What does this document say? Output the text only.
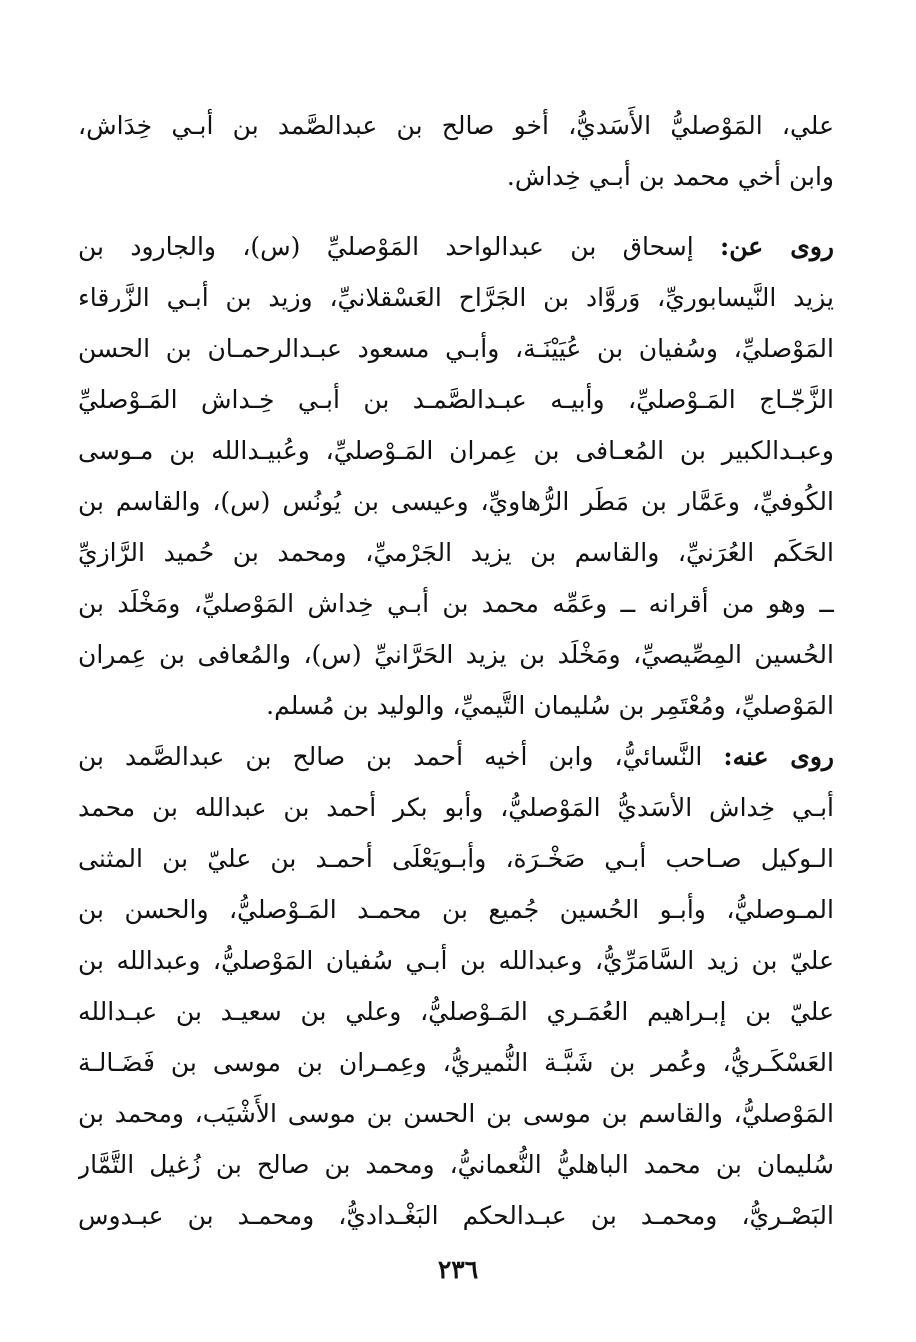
علي، المَوْصليُّ الأَسَديُّ، أخو صالح بن عبدالصَّمد بن أبـي خِدَاش،
وابن أخي محمد بن أبـي خِداش.
روى عن: إسحاق بن عبدالواحد المَوْصليِّ (س)، والجارود بن
يزيد النَّيسابوريِّ، وَروَّاد بن الجَرَّاح العَسْقلانيِّ، وزيد بن أبـي الزَّرقاء
المَوْصليِّ، وسُفيان بن عُيَيْنَـة، وأبـي مسعود عبـدالرحمـان بن الحسن
الزَّجّـاج المَـوْصليِّ، وأبيـه عبـدالصَّمـد بن أبـي خِـداش المَـوْصليِّ
وعبـدالكبير بن المُعـافى بن عِمران المَـوْصليِّ، وعُبيـدالله بن مـوسى
الكُوفيِّ، وعَمَّار بن مَطَر الرُّهاويِّ، وعيسى بن يُونُس (س)، والقاسم بن
الحَكَم العُرَنيِّ، والقاسم بن يزيد الجَرْميِّ، ومحمد بن حُميد الرَّازيِّ
ــ وهو من أقرانه ــ وعَمِّه محمد بن أبـي خِداش المَوْصليِّ، ومَخْلَد بن
الحُسين المِصِّيصيِّ، ومَخْلَد بن يزيد الحَرَّانيِّ (س)، والمُعافى بن عِمران
المَوْصليِّ، ومُعْتَمِر بن سُليمان التَّيميِّ، والوليد بن مُسلم.
روى عنه: النَّسائيُّ، وابن أخيه أحمد بن صالح بن عبدالصَّمد بن
أبـي خِداش الأسَديُّ المَوْصليُّ، وأبو بكر أحمد بن عبدالله بن محمد
الـوكيل صـاحب أبـي صَخْـرَة، وأبـويَعْلَى أحمـد بن عليّ بن المثنى
المـوصليُّ، وأبـو الحُسين جُميع بن محمـد المَـوْصليُّ، والحسن بن
عليّ بن زيد السَّامَرِّيُّ، وعبدالله بن أبـي سُفيان المَوْصليُّ، وعبدالله بن
عليّ بن إبـراهيم العُمَـري المَـوْصليُّ، وعلي بن سعيـد بن عبـدالله
العَسْكَـريُّ، وعُمر بن شَبَّـة النُّميريُّ، وعِمـران بن موسى بن فَضَـالـة
المَوْصليُّ، والقاسم بن موسى بن الحسن بن موسى الأَشْيَب، ومحمد بن
سُليمان بن محمد الباهليُّ النُّعمانيُّ، ومحمد بن صالح بن زُغيل التَّمَّار
البَصْـريُّ، ومحمـد بن عبـدالحكم البَغْـداديُّ، ومحمـد بن عبـدوس
٢٣٦
